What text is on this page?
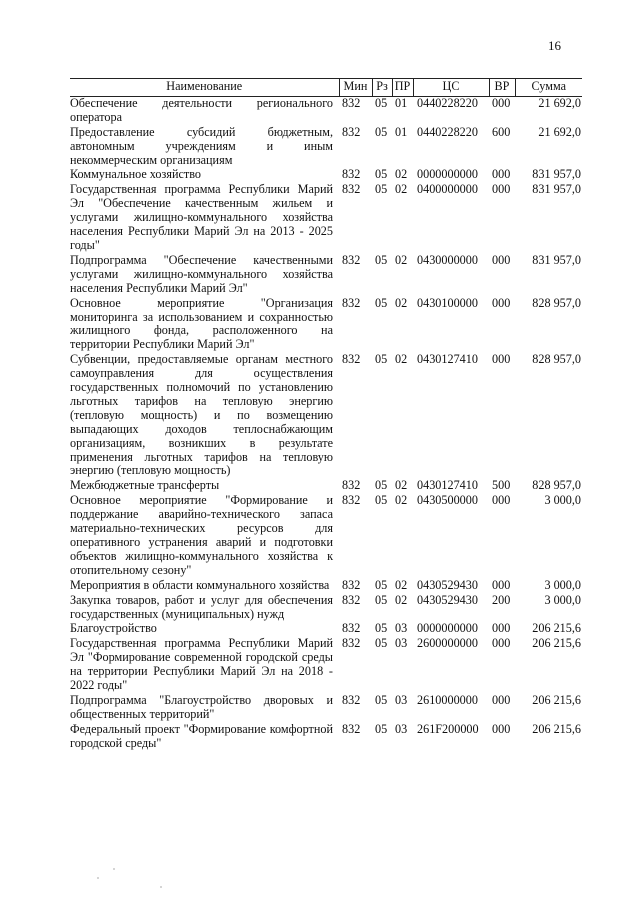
16
Наименование	Мин	Рз	ПР	ЦС	ВР	Сумма
Обеспечение деятельности регионального оператора	832	05	01	0440228220	000	21 692,0
Предоставление субсидий бюджетным, автономным учреждениям и иным некоммерческим организациям	832	05	01	0440228220	600	21 692,0
Коммунальное хозяйство	832	05	02	0000000000	000	831 957,0
Государственная программа Республики Марий Эл "Обеспечение качественным жильем и услугами жилищно-коммунального хозяйства населения Республики Марий Эл на 2013 - 2025 годы"	832	05	02	0400000000	000	831 957,0
Подпрограмма "Обеспечение качественными услугами жилищно-коммунального хозяйства населения Республики Марий Эл"	832	05	02	0430000000	000	831 957,0
Основное мероприятие "Организация мониторинга за использованием и сохранностью жилищного фонда, расположенного на территории Республики Марий Эл"	832	05	02	0430100000	000	828 957,0
Субвенции, предоставляемые органам местного самоуправления для осуществления государственных полномочий по установлению льготных тарифов на тепловую энергию (тепловую мощность) и по возмещению выпадающих доходов теплоснабжающим организациям, возникших в результате применения льготных тарифов на тепловую энергию (тепловую мощность)	832	05	02	0430127410	000	828 957,0
Межбюджетные трансферты	832	05	02	0430127410	500	828 957,0
Основное мероприятие "Формирование и поддержание аварийно-технического запаса материально-технических ресурсов для оперативного устранения аварий и подготовки объектов жилищно-коммунального хозяйства к отопительному сезону"	832	05	02	0430500000	000	3 000,0
Мероприятия в области коммунального хозяйства	832	05	02	0430529430	000	3 000,0
Закупка товаров, работ и услуг для обеспечения государственных (муниципальных) нужд	832	05	02	0430529430	200	3 000,0
Благоустройство	832	05	03	0000000000	000	206 215,6
Государственная программа Республики Марий Эл "Формирование современной городской среды на территории Республики Марий Эл на 2018 - 2022 годы"	832	05	03	2600000000	000	206 215,6
Подпрограмма "Благоустройство дворовых и общественных территорий"	832	05	03	2610000000	000	206 215,6
Федеральный проект "Формирование комфортной городской среды"	832	05	03	261F200000	000	206 215,6
